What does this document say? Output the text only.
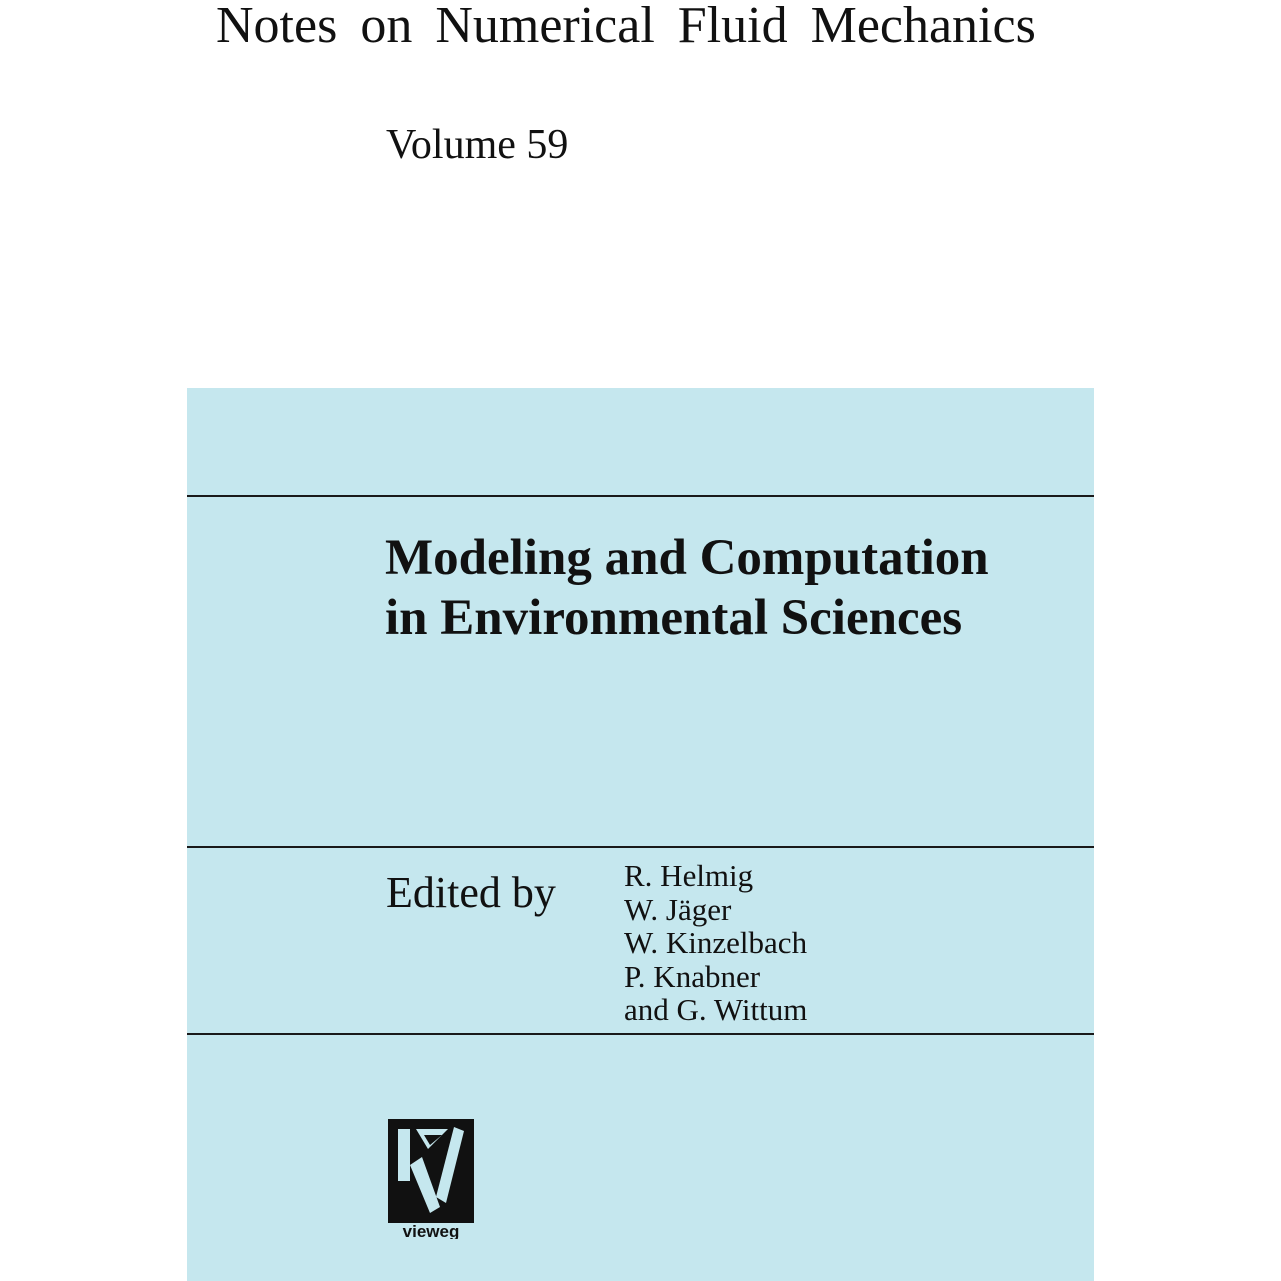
Notes on Numerical Fluid Mechanics
Volume 59
Modeling and Computation
in Environmental Sciences
Edited by R. Helmig
W. Jäger
W. Kinzelbach
P. Knabner
and G. Wittum
vieweg
